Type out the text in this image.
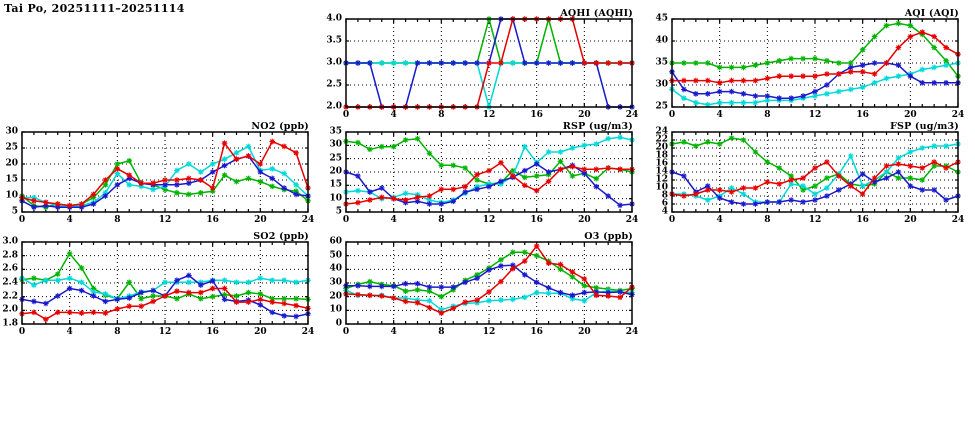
Tai Po, 20251111–20251114	AQHI (AQHI)
2.0
2.5
3.0
3.5
4.0
0	4	8	12	16	20	24
AQI (AQI)
25
30
35
40
45
0	4	8	12	16	20	24
NO2 (ppb)
5
10
15
20
25
30
0	4	8	12	16	20	24
RSP (ug/m3)
5
10
15
20
25
30
35
0	4	8	12	16	20	24
FSP (ug/m3)
4
6
8
10
12
14
16
18
20
22
24
0	4	8	12	16	20	24
SO2 (ppb)
1.8
2.0
2.2
2.4
2.6
2.8
3.0
0	4	8	12	16	20	24
O3 (ppb)
0
10
20
30
40
50
60
0	4	8	12	16	20	24
